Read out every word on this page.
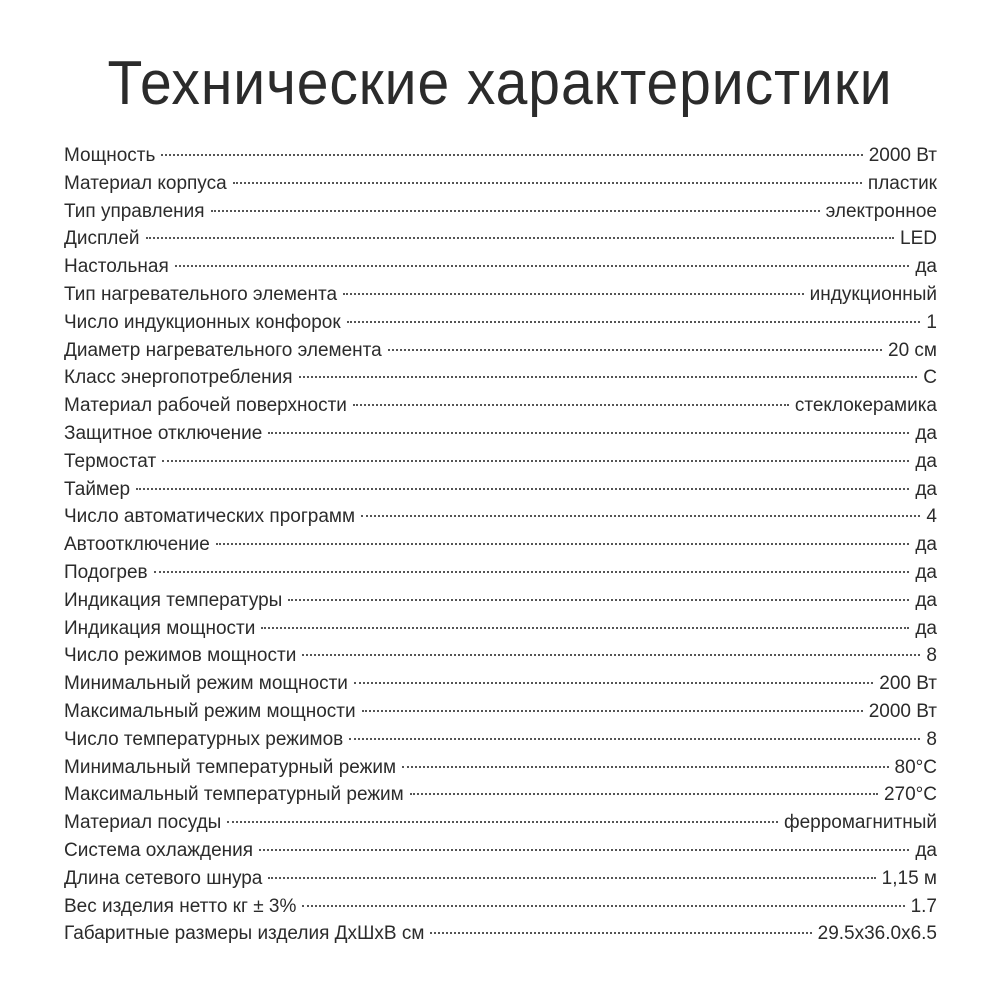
Технические характеристики
Мощность	2000 Вт
Материал корпуса	пластик
Тип управления	электронное
Дисплей	LED
Настольная	да
Тип нагревательного элемента	индукционный
Число индукционных конфорок	1
Диаметр нагревательного элемента	20 см
Класс энергопотребления	C
Материал рабочей поверхности	стеклокерамика
Защитное отключение	да
Термостат	да
Таймер	да
Число автоматических программ	4
Автоотключение	да
Подогрев	да
Индикация температуры	да
Индикация мощности	да
Число режимов мощности	8
Минимальный режим мощности	200 Вт
Максимальный режим мощности	2000 Вт
Число температурных режимов	8
Минимальный температурный режим	80°C
Максимальный температурный режим	270°C
Материал посуды	ферромагнитный
Система охлаждения	да
Длина сетевого шнура	1,15 м
Вес изделия нетто кг ± 3%	1.7
Габаритные размеры изделия ДхШхВ см	29.5x36.0x6.5
